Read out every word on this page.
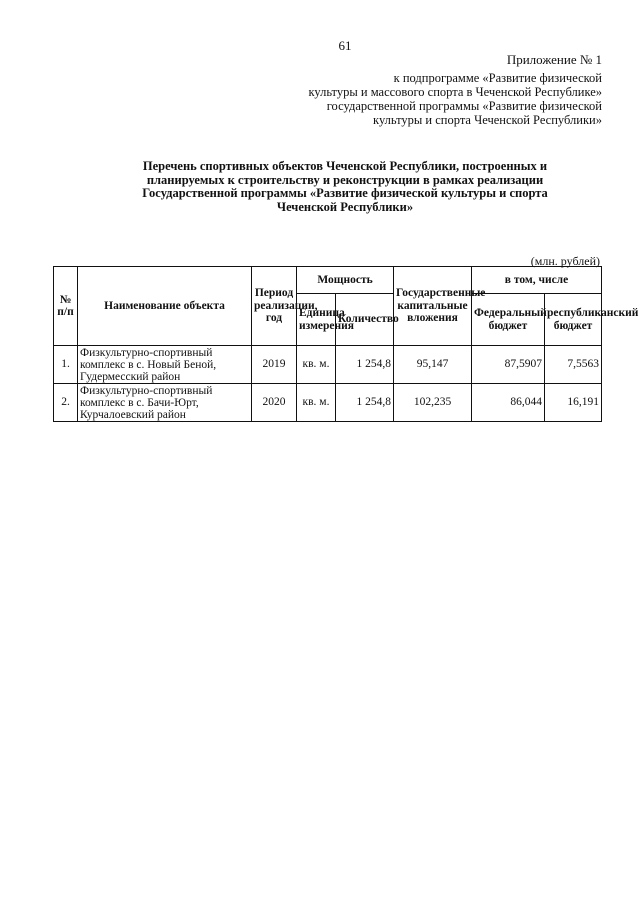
61
Приложение № 1
к подпрограмме «Развитие физической
культуры и массового спорта в Чеченской Республике»
государственной программы «Развитие физической
культуры и спорта Чеченской Республики»
Перечень спортивных объектов Чеченской Республики, построенных и
планируемых к строительству и реконструкции в рамках реализации
Государственной программы «Развитие физической культуры и спорта
Чеченской Республики»
(млн. рублей)
№ п/п	Наименование объекта	Период реализации, год	Мощность		Государственные капитальные вложения	в том, числе	
			Единица измерения	Количество		Федеральный бюджет	республиканский бюджет
1.	Физкультурно-спортивный комплекс в с. Новый Беной, Гудермесский район	2019	кв. м.	1 254,8	95,147	87,5907	7,5563
2.	Физкультурно-спортивный комплекс в с. Бачи-Юрт, Курчалоевский район	2020	кв. м.	1 254,8	102,235	86,044	16,191
